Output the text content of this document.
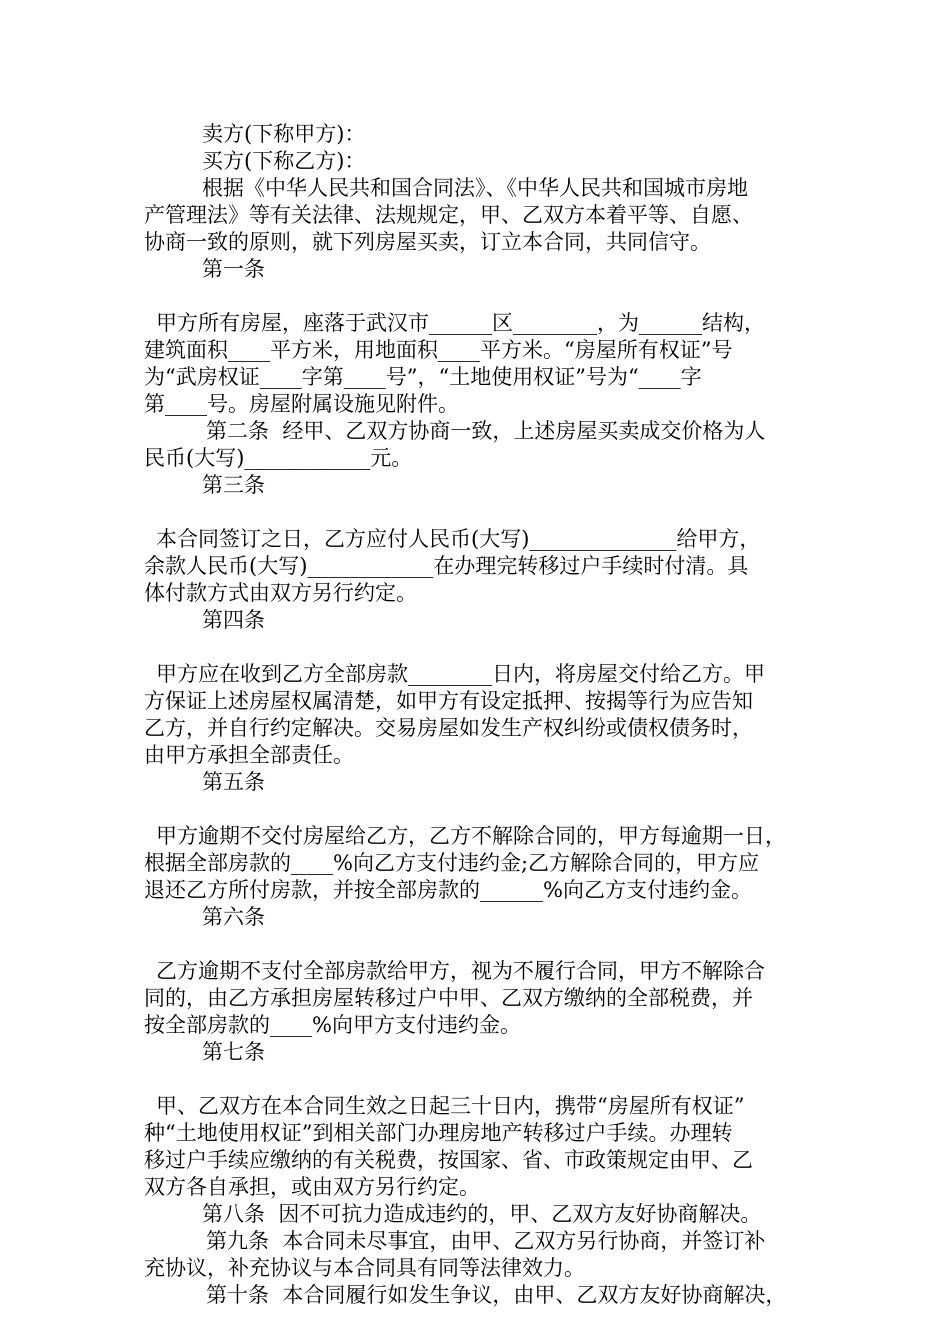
卖方(下称甲方)：

买方(下称乙方)：

根据《中华人民共和国合同法》、《中华人民共和国城市房地

产管理法》等有关法律、法规规定，甲、乙双方本着平等、自愿、

协商一致的原则，就下列房屋买卖，订立本合同，共同信守。

第一条

甲方所有房屋，座落于武汉市______区________，为______结构，

建筑面积____平方米，用地面积____平方米。“房屋所有权证”号

为“武房权证____字第____号”，“土地使用权证”号为“____字

第____号。房屋附属设施见附件。

第二条  经甲、乙双方协商一致，上述房屋买卖成交价格为人

民币(大写)____________元。

第三条

本合同签订之日，乙方应付人民币(大写)______________给甲方，

余款人民币(大写)____________在办理完转移过户手续时付清。具

体付款方式由双方另行约定。

第四条

甲方应在收到乙方全部房款________日内，将房屋交付给乙方。甲

方保证上述房屋权属清楚，如甲方有设定抵押、按揭等行为应告知

乙方，并自行约定解决。交易房屋如发生产权纠纷或债权债务时，

由甲方承担全部责任。

第五条

甲方逾期不交付房屋给乙方，乙方不解除合同的，甲方每逾期一日，

根据全部房款的____%向乙方支付违约金;乙方解除合同的，甲方应

退还乙方所付房款，并按全部房款的______%向乙方支付违约金。

第六条

乙方逾期不支付全部房款给甲方，视为不履行合同，甲方不解除合

同的，由乙方承担房屋转移过户中甲、乙双方缴纳的全部税费，并

按全部房款的____%向甲方支付违约金。

第七条

甲、乙双方在本合同生效之日起三十日内，携带“房屋所有权证”

种“土地使用权证”到相关部门办理房地产转移过户手续。办理转

移过户手续应缴纳的有关税费，按国家、省、市政策规定由甲、乙

双方各自承担，或由双方另行约定。

第八条  因不可抗力造成违约的，甲、乙双方友好协商解决。

第九条  本合同未尽事宜，由甲、乙双方另行协商，并签订补

充协议，补充协议与本合同具有同等法律效力。

第十条  本合同履行如发生争议，由甲、乙双方友好协商解决，
